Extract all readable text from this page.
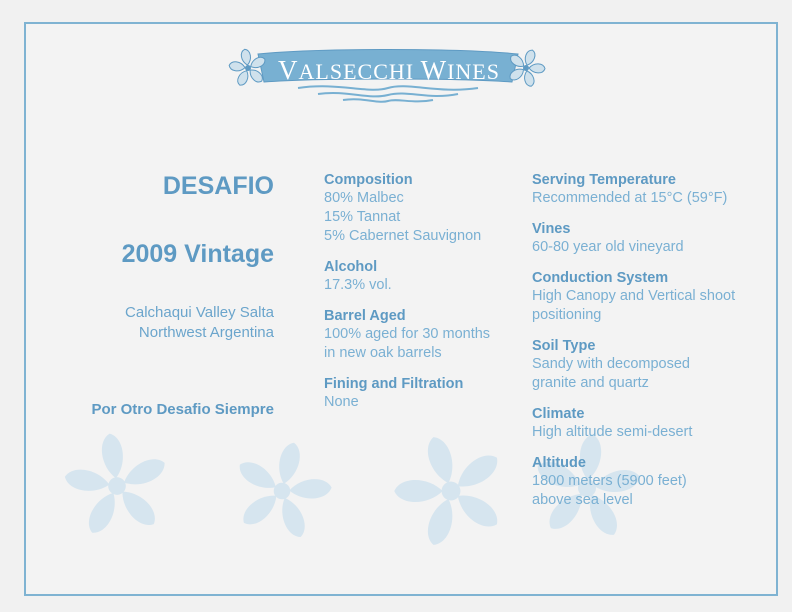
VALSECCHI WINES
DESAFIO
2009 Vintage
Calchaqui Valley Salta
Northwest Argentina
Por Otro Desafio Siempre
Composition
80% Malbec
15% Tannat
5% Cabernet Sauvignon
Alcohol
17.3% vol.
Barrel Aged
100% aged for 30 months
in new oak barrels
Fining and Filtration
None
Serving Temperature
Recommended at 15°C (59°F)
Vines
60-80 year old vineyard
Conduction System
High Canopy and Vertical shoot
positioning
Soil Type
Sandy with decomposed
granite and quartz
Climate
High altitude semi-desert
Altitude
1800 meters (5900 feet)
above sea level
